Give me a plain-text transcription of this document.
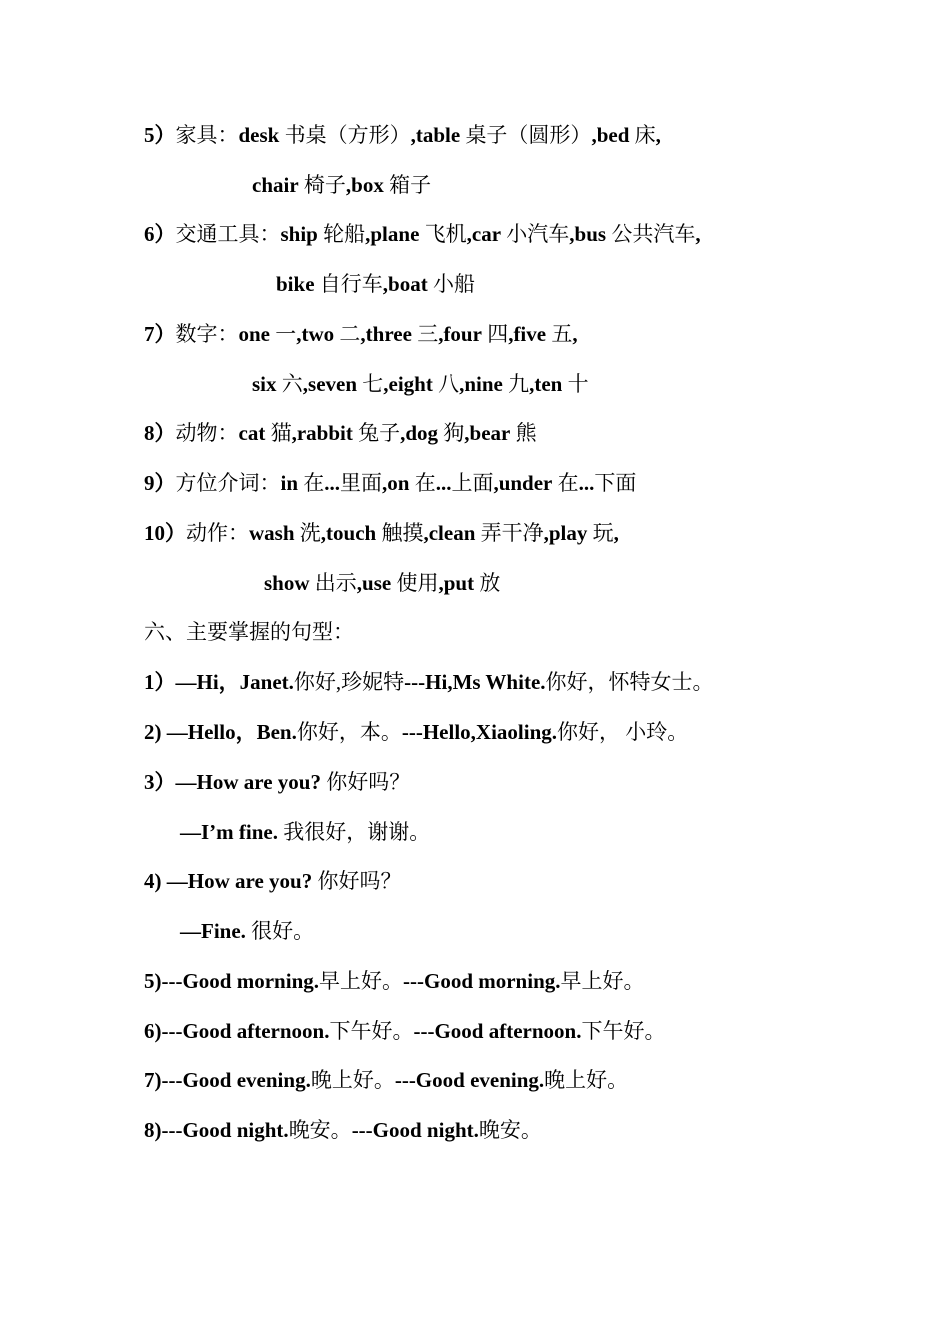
5）家具：desk 书桌（方形）,table 桌子（圆形）,bed 床,
chair 椅子,box 箱子
6）交通工具：ship 轮船,plane 飞机,car 小汽车,bus 公共汽车,
bike 自行车,boat 小船
7）数字：one 一,two 二,three 三,four 四,five 五,
six 六,seven 七,eight 八,nine 九,ten 十
8）动物：cat 猫,rabbit 兔子,dog 狗,bear 熊
9）方位介词：in 在...里面,on 在...上面,under 在...下面
10）动作：wash 洗,touch 触摸,clean 弄干净,play 玩,
show 出示,use 使用,put 放
六、主要掌握的句型：
1）—Hi，Janet.你好,珍妮特---Hi,Ms White.你好，怀特女士。
2) —Hello，Ben.你好，本。---Hello,Xiaoling.你好， 小玲。
3）—How are you? 你好吗？
—I’m fine. 我很好，谢谢。
4) —How are you? 你好吗？
—Fine. 很好。
5)---Good morning.早上好。---Good morning.早上好。
6)---Good afternoon.下午好。---Good afternoon.下午好。
7)---Good evening.晚上好。---Good evening.晚上好。
8)---Good night.晚安。---Good night.晚安。
